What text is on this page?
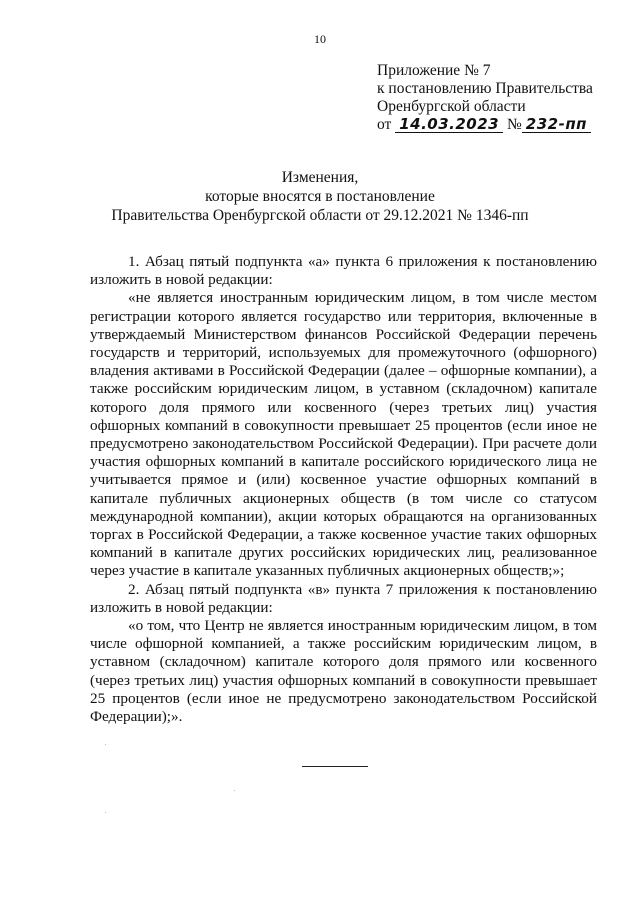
10
Приложение № 7
к постановлению Правительства
Оренбургской области
от 14.03.2023 № 232-пп
Изменения,
которые вносятся в постановление
Правительства Оренбургской области от 29.12.2021 № 1346-пп

1. Абзац пятый подпункта «а» пункта 6 приложения к постановлению изложить в новой редакции:

«не является иностранным юридическим лицом, в том числе местом регистрации которого является государство или территория, включенные в утверждаемый Министерством финансов Российской Федерации перечень государств и территорий, используемых для промежуточного (офшорного) владения активами в Российской Федерации (далее – офшорные компании), а также российским юридическим лицом, в уставном (складочном) капитале которого доля прямого или косвенного (через третьих лиц) участия офшорных компаний в совокупности превышает 25 процентов (если иное не предусмотрено законодательством Российской Федерации). При расчете доли участия офшорных компаний в капитале российского юридического лица не учитывается прямое и (или) косвенное участие офшорных компаний в капитале публичных акционерных обществ (в том числе со статусом международной компании), акции которых обращаются на организованных торгах в Российской Федерации, а также косвенное участие таких офшорных компаний в капитале других российских юридических лиц, реализованное через участие в капитале указанных публичных акционерных обществ;»;

2. Абзац пятый подпункта «в» пункта 7 приложения к постановлению изложить в новой редакции:

«о том, что Центр не является иностранным юридическим лицом, в том числе офшорной компанией, а также российским юридическим лицом, в уставном (складочном) капитале которого доля прямого или косвенного (через третьих лиц) участия офшорных компаний в совокупности превышает 25 процентов (если иное не предусмотрено законодательством Российской Федерации);».
